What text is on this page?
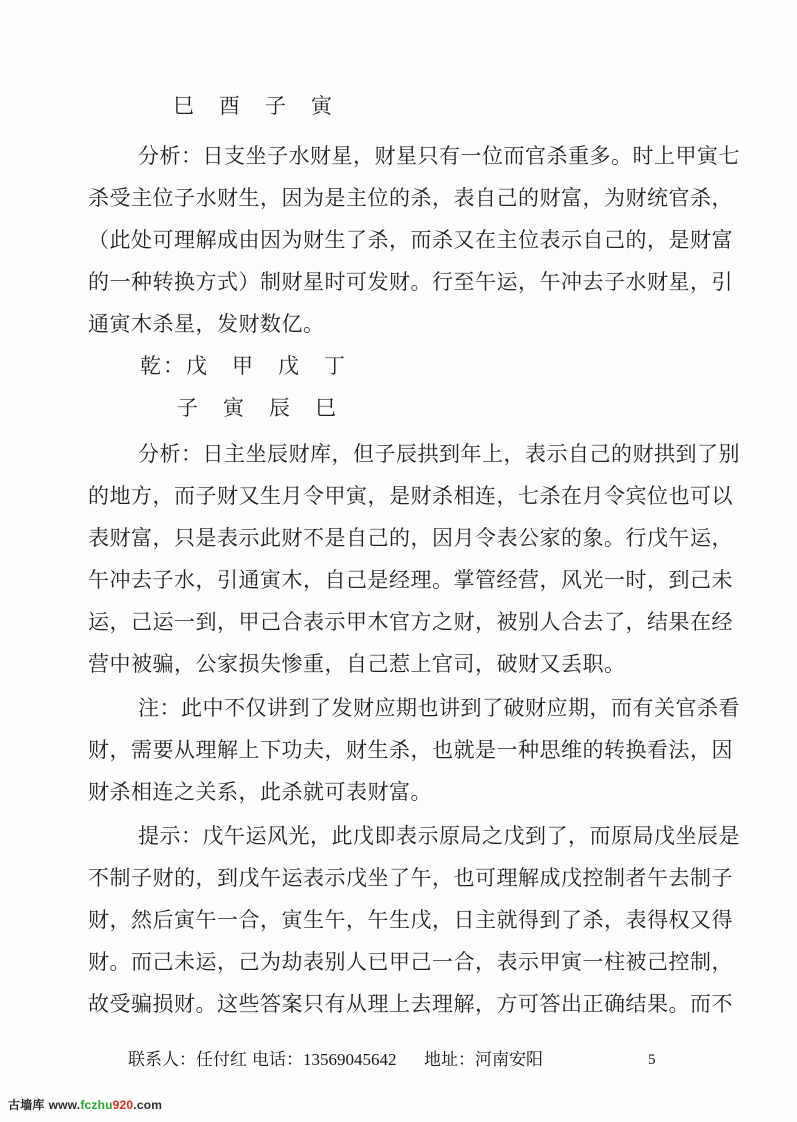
巳　酉　子　寅
分析：日支坐子水财星，财星只有一位而官杀重多。时上甲寅七
杀受主位子水财生，因为是主位的杀，表自己的财富，为财统官杀，
（此处可理解成由因为财生了杀，而杀又在主位表示自己的，是财富
的一种转换方式）制财星时可发财。行至午运，午冲去子水财星，引
通寅木杀星，发财数亿。
乾：戊　甲　戊　丁
子　寅　辰　巳
分析：日主坐辰财库，但子辰拱到年上，表示自己的财拱到了别
的地方，而子财又生月令甲寅，是财杀相连，七杀在月令宾位也可以
表财富，只是表示此财不是自己的，因月令表公家的象。行戊午运，
午冲去子水，引通寅木，自己是经理。掌管经营，风光一时，到己未
运，己运一到，甲己合表示甲木官方之财，被别人合去了，结果在经
营中被骗，公家损失惨重，自己惹上官司，破财又丢职。
注：此中不仅讲到了发财应期也讲到了破财应期，而有关官杀看
财，需要从理解上下功夫，财生杀，也就是一种思维的转换看法，因
财杀相连之关系，此杀就可表财富。
提示：戊午运风光，此戊即表示原局之戊到了，而原局戊坐辰是
不制子财的，到戊午运表示戊坐了午，也可理解成戊控制者午去制子
财，然后寅午一合，寅生午，午生戊，日主就得到了杀，表得权又得
财。而己未运，己为劫表别人已甲己一合，表示甲寅一柱被己控制，
故受骗损财。这些答案只有从理上去理解，方可答出正确结果。而不
联系人：任付红 电话：13569045642 地址：河南安阳	5
古墙库 www.fczhu920.com
